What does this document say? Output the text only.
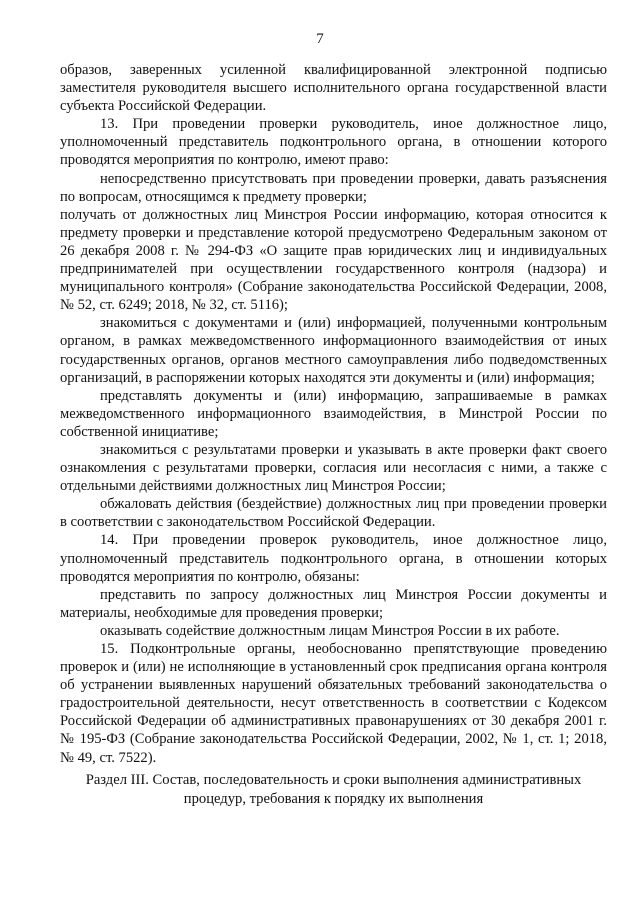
7

образов, заверенных усиленной квалифицированной электронной подписью заместителя руководителя высшего исполнительного органа государственной власти субъекта Российской Федерации.

13. При проведении проверки руководитель, иное должностное лицо, уполномоченный представитель подконтрольного органа, в отношении которого проводятся мероприятия по контролю, имеют право:

непосредственно присутствовать при проведении проверки, давать разъяснения по вопросам, относящимся к предмету проверки;

получать от должностных лиц Минстроя России информацию, которая относится к предмету проверки и представление которой предусмотрено Федеральным законом от 26 декабря 2008 г. № 294-ФЗ «О защите прав юридических лиц и индивидуальных предпринимателей при осуществлении государственного контроля (надзора) и муниципального контроля» (Собрание законодательства Российской Федерации, 2008, № 52, ст. 6249; 2018, № 32, ст. 5116);

знакомиться с документами и (или) информацией, полученными контрольным органом, в рамках межведомственного информационного взаимодействия от иных государственных органов, органов местного самоуправления либо подведомственных организаций, в распоряжении которых находятся эти документы и (или) информация;

представлять документы и (или) информацию, запрашиваемые в рамках межведомственного информационного взаимодействия, в Минстрой России по собственной инициативе;

знакомиться с результатами проверки и указывать в акте проверки факт своего ознакомления с результатами проверки, согласия или несогласия с ними, а также с отдельными действиями должностных лиц Минстроя России;

обжаловать действия (бездействие) должностных лиц при проведении проверки в соответствии с законодательством Российской Федерации.

14. При проведении проверок руководитель, иное должностное лицо, уполномоченный представитель подконтрольного органа, в отношении которых проводятся мероприятия по контролю, обязаны:

представить по запросу должностных лиц Минстроя России документы и материалы, необходимые для проведения проверки;

оказывать содействие должностным лицам Минстроя России в их работе.

15. Подконтрольные органы, необоснованно препятствующие проведению проверок и (или) не исполняющие в установленный срок предписания органа контроля об устранении выявленных нарушений обязательных требований законодательства о градостроительной деятельности, несут ответственность в соответствии с Кодексом Российской Федерации об административных правонарушениях от 30 декабря 2001 г. № 195-ФЗ (Собрание законодательства Российской Федерации, 2002, № 1, ст. 1; 2018, № 49, ст. 7522).

Раздел III. Состав, последовательность и сроки выполнения административных
процедур, требования к порядку их выполнения
